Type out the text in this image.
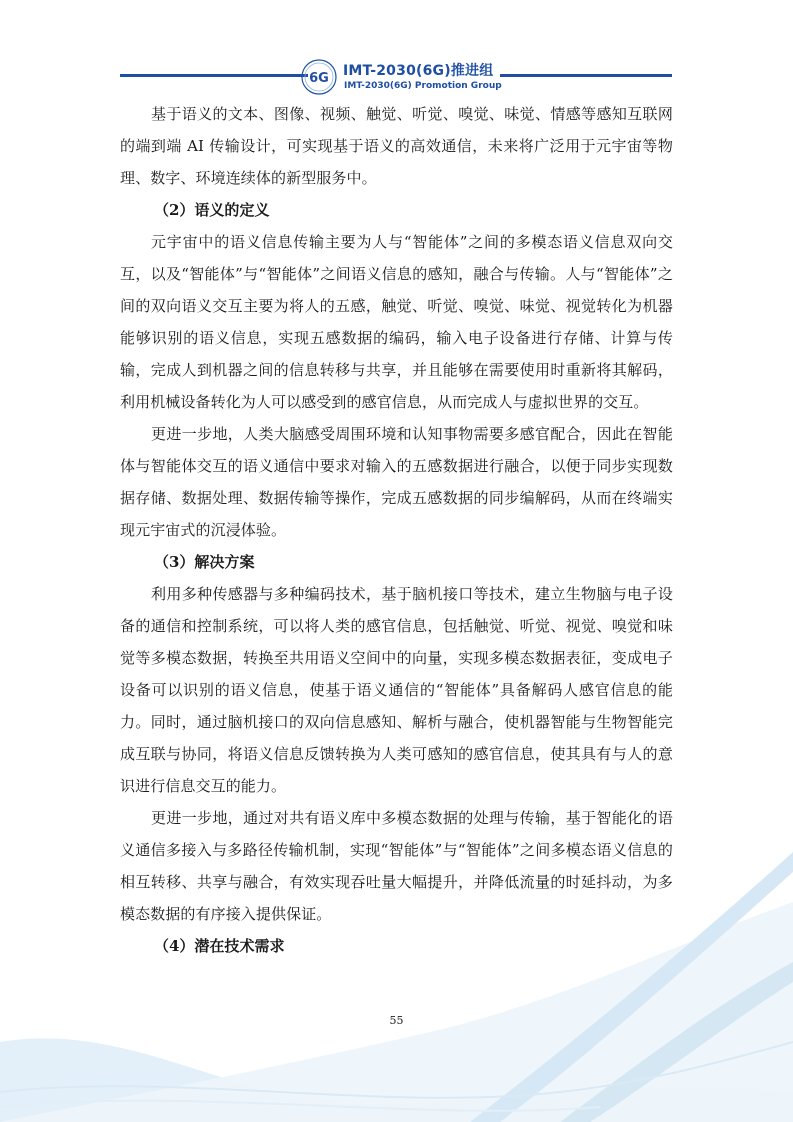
6G IMT-2030(6G)推进组
IMT-2030(6G) Promotion Group

基于语义的文本、图像、视频、触觉、听觉、嗅觉、味觉、情感等感知互联网的端到端 AI 传输设计，可实现基于语义的高效通信，未来将广泛用于元宇宙等物理、数字、环境连续体的新型服务中。

（2）语义的定义

元宇宙中的语义信息传输主要为人与“智能体”之间的多模态语义信息双向交互，以及“智能体”与“智能体”之间语义信息的感知，融合与传输。人与“智能体”之间的双向语义交互主要为将人的五感，触觉、听觉、嗅觉、味觉、视觉转化为机器能够识别的语义信息，实现五感数据的编码，输入电子设备进行存储、计算与传输，完成人到机器之间的信息转移与共享，并且能够在需要使用时重新将其解码，利用机械设备转化为人可以感受到的感官信息，从而完成人与虚拟世界的交互。

更进一步地，人类大脑感受周围环境和认知事物需要多感官配合，因此在智能体与智能体交互的语义通信中要求对输入的五感数据进行融合，以便于同步实现数据存储、数据处理、数据传输等操作，完成五感数据的同步编解码，从而在终端实现元宇宙式的沉浸体验。

（3）解决方案

利用多种传感器与多种编码技术，基于脑机接口等技术，建立生物脑与电子设备的通信和控制系统，可以将人类的感官信息，包括触觉、听觉、视觉、嗅觉和味觉等多模态数据，转换至共用语义空间中的向量，实现多模态数据表征，变成电子设备可以识别的语义信息，使基于语义通信的“智能体”具备解码人感官信息的能力。同时，通过脑机接口的双向信息感知、解析与融合，使机器智能与生物智能完成互联与协同，将语义信息反馈转换为人类可感知的感官信息，使其具有与人的意识进行信息交互的能力。

更进一步地，通过对共有语义库中多模态数据的处理与传输，基于智能化的语义通信多接入与多路径传输机制，实现“智能体”与“智能体”之间多模态语义信息的相互转移、共享与融合，有效实现吞吐量大幅提升，并降低流量的时延抖动，为多模态数据的有序接入提供保证。

（4）潜在技术需求

55
